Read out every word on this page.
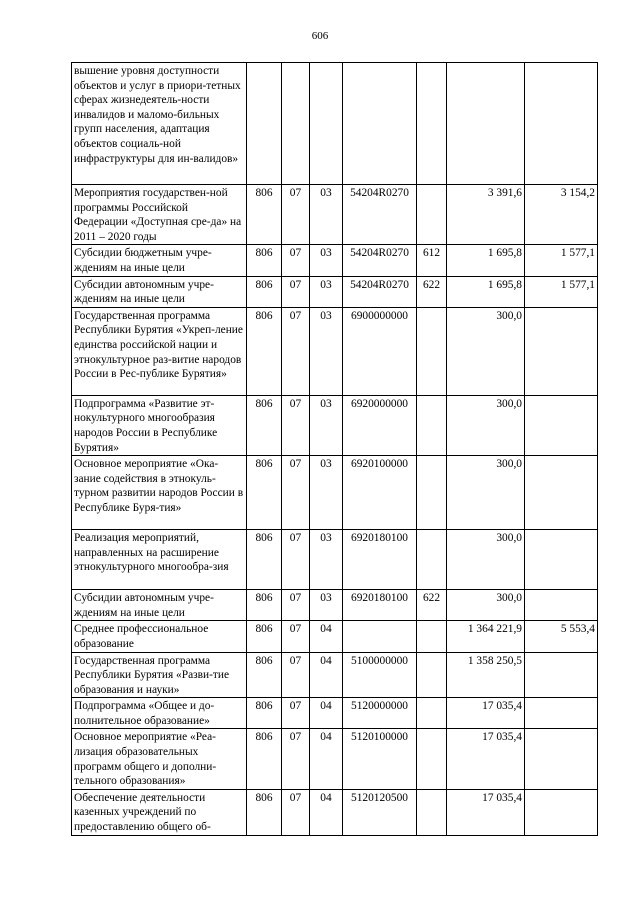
606
вышение уровня доступности объектов и услуг в приори-тетных сферах жизнедеятель-ности инвалидов и маломо-бильных групп населения, адаптация объектов социаль-ной инфраструктуры для ин-валидов»							
Мероприятия государствен-ной программы Российской Федерации «Доступная сре-да» на 2011 – 2020 годы	806	07	03	54204R0270		3 391,6	3 154,2
Субсидии бюджетным учре-ждениям на иные цели	806	07	03	54204R0270	612	1 695,8	1 577,1
Субсидии автономным учре-ждениям на иные цели	806	07	03	54204R0270	622	1 695,8	1 577,1
Государственная программа Республики Бурятия «Укреп-ление единства российской нации и этнокультурное раз-витие народов России в Рес-публике Бурятия»	806	07	03	6900000000		300,0	
Подпрограмма «Развитие эт-нокультурного многообразия народов России в Республике Бурятия»	806	07	03	6920000000		300,0	
Основное мероприятие «Ока-зание содействия в этнокуль-турном развитии народов России в Республике Буря-тия»	806	07	03	6920100000		300,0	
Реализация мероприятий, направленных на расширение этнокультурного многообра-зия	806	07	03	6920180100		300,0	
Субсидии автономным учре-ждениям на иные цели	806	07	03	6920180100	622	300,0	
Среднее профессиональное образование	806	07	04			1 364 221,9	5 553,4
Государственная программа Республики Бурятия «Разви-тие образования и науки»	806	07	04	5100000000		1 358 250,5	
Подпрограмма «Общее и до-полнительное образование»	806	07	04	5120000000		17 035,4	
Основное мероприятие «Реа-лизация образовательных программ общего и дополни-тельного образования»	806	07	04	5120100000		17 035,4	
Обеспечение деятельности казенных учреждений по предоставлению общего об-	806	07	04	5120120500		17 035,4	
